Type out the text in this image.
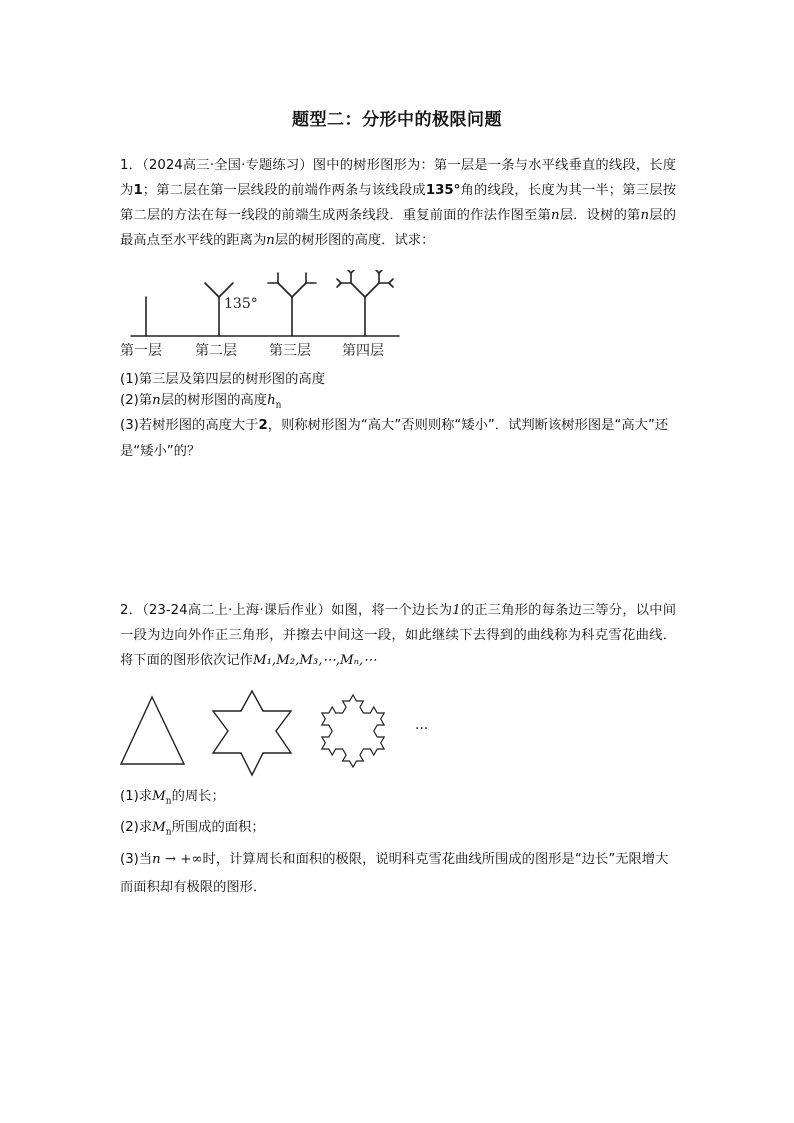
题型二：分形中的极限问题
1．（2024高三·全国·专题练习）图中的树形图形为：第一层是一条与水平线垂直的线段，长度为1；第二层在第一层线段的前端作两条与该线段成135°角的线段，长度为其一半；第三层按第二层的方法在每一线段的前端生成两条线段．重复前面的作法作图至第n层．设树的第n层的最高点至水平线的距离为n层的树形图的高度．试求：
135°
第一层 第二层 第三层 第四层
(1)第三层及第四层的树形图的高度
(2)第n层的树形图的高度$h_n$
(3)若树形图的高度大于2，则称树形图为“高大”否则则称“矮小”．试判断该树形图是“高大”还是“矮小”的？
2．（23-24高二上·上海·课后作业）如图，将一个边长为1的正三角形的每条边三等分，以中间一段为边向外作正三角形，并擦去中间这一段，如此继续下去得到的曲线称为科克雪花曲线．将下面的图形依次记作M₁,M₂,M₃,⋯,Mₙ,⋯
···
(1)求$M_n$的周长；
(2)求$M_n$所围成的面积；
(3)当n → +∞时，计算周长和面积的极限，说明科克雪花曲线所围成的图形是“边长”无限增大而面积却有极限的图形．
